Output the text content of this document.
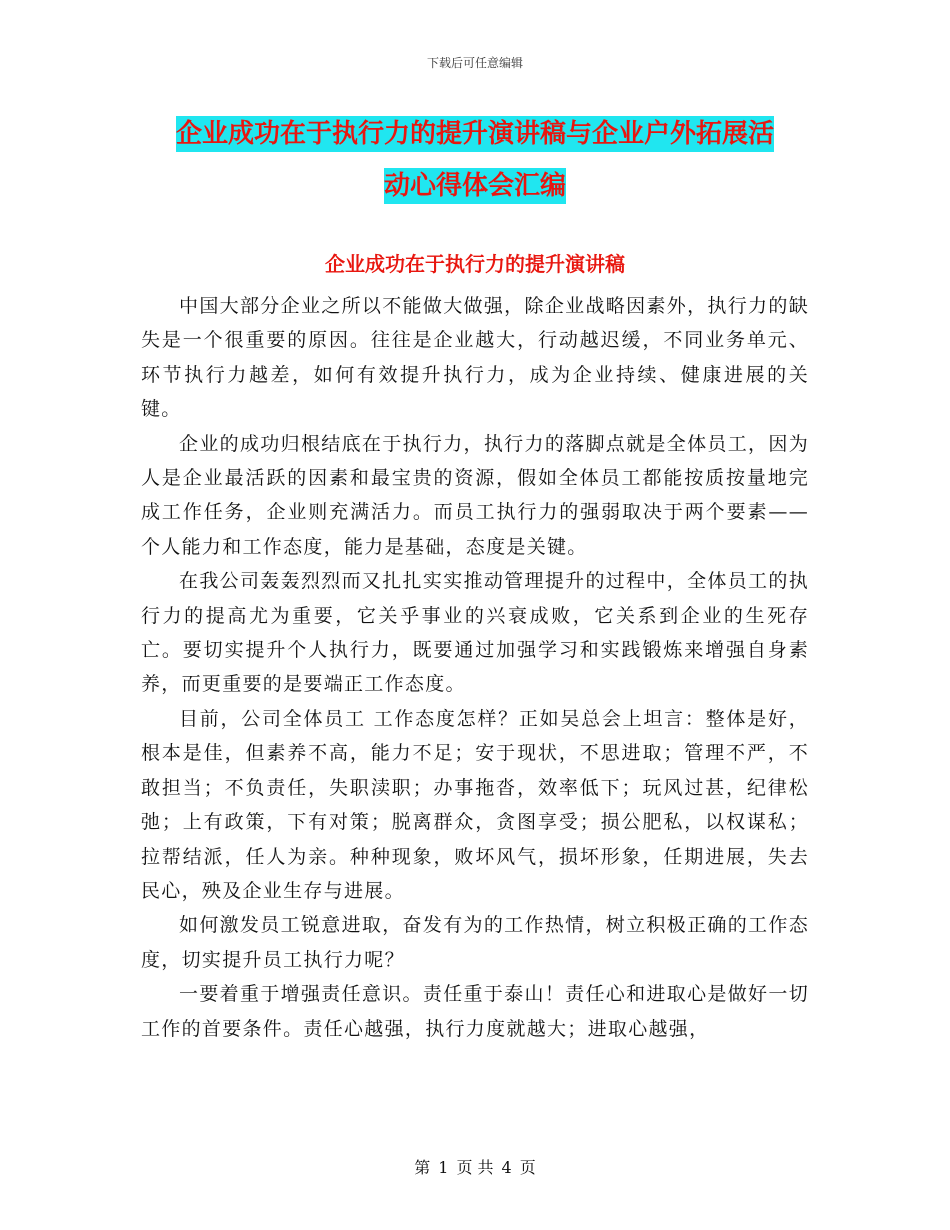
下载后可任意编辑
企业成功在于执行力的提升演讲稿与企业户外拓展活
动心得体会汇编
企业成功在于执行力的提升演讲稿

中国大部分企业之所以不能做大做强，除企业战略因素外，执行力的缺失是一个很重要的原因。往往是企业越大，行动越迟缓，不同业务单元、环节执行力越差，如何有效提升执行力，成为企业持续、健康进展的关键。

企业的成功归根结底在于执行力，执行力的落脚点就是全体员工，因为人是企业最活跃的因素和最宝贵的资源，假如全体员工都能按质按量地完成工作任务，企业则充满活力。而员工执行力的强弱取决于两个要素——个人能力和工作态度，能力是基础，态度是关键。

在我公司轰轰烈烈而又扎扎实实推动管理提升的过程中，全体员工的执行力的提高尤为重要，它关乎事业的兴衰成败，它关系到企业的生死存亡。要切实提升个人执行力，既要通过加强学习和实践锻炼来增强自身素养，而更重要的是要端正工作态度。

目前，公司全体员工 工作态度怎样？正如吴总会上坦言：整体是好，根本是佳，但素养不高，能力不足；安于现状，不思进取；管理不严，不敢担当；不负责任，失职渎职；办事拖沓，效率低下；玩风过甚，纪律松弛；上有政策，下有对策；脱离群众，贪图享受；损公肥私，以权谋私；拉帮结派，任人为亲。种种现象，败坏风气，损坏形象，任期进展，失去民心，殃及企业生存与进展。

如何激发员工锐意进取，奋发有为的工作热情，树立积极正确的工作态度，切实提升员工执行力呢？

一要着重于增强责任意识。责任重于泰山！责任心和进取心是做好一切工作的首要条件。责任心越强，执行力度就越大；进取心越强，

第 1 页 共 4 页
